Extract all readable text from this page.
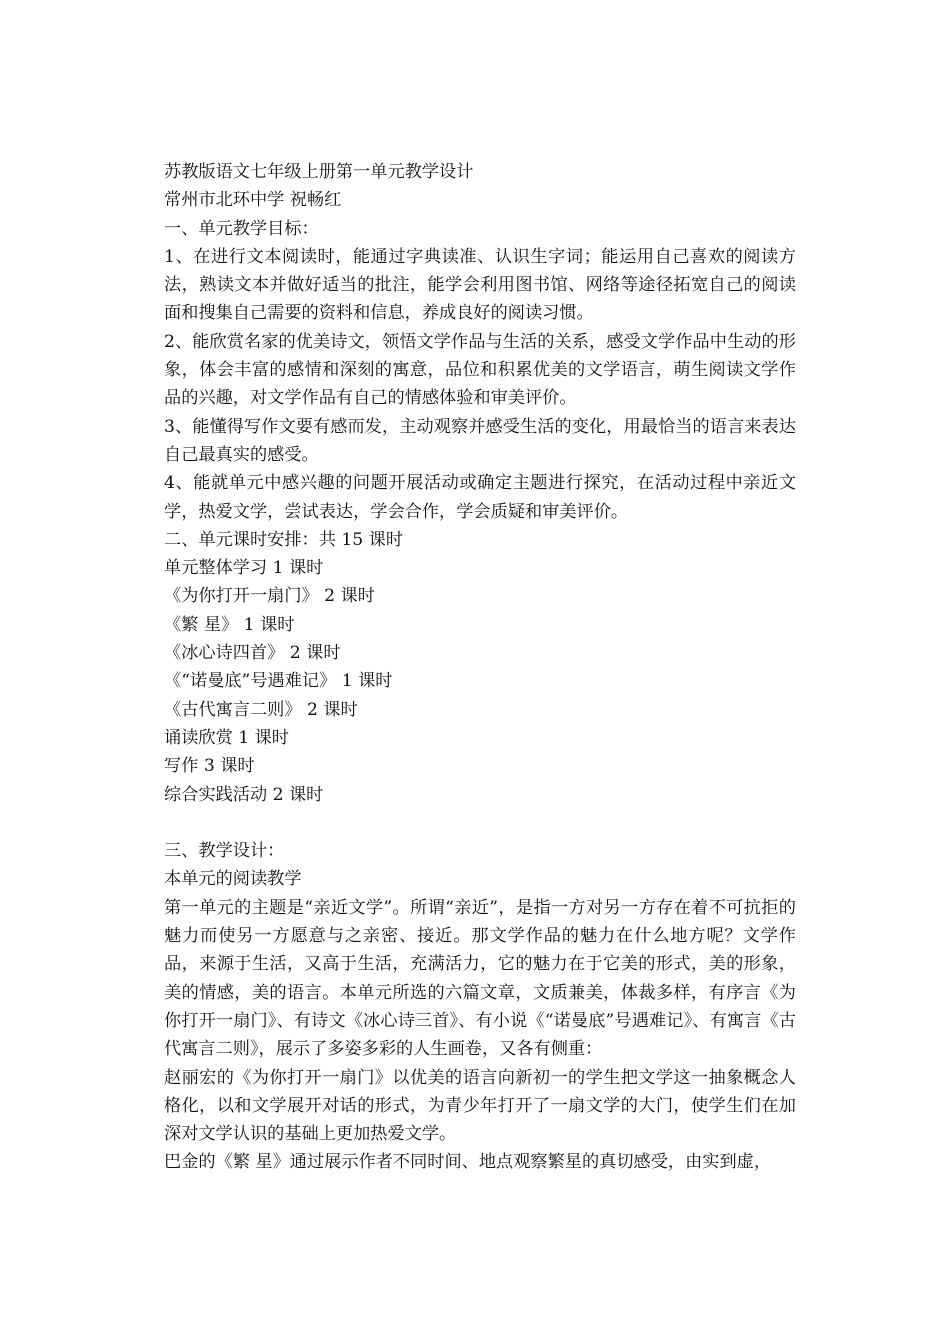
苏教版语文七年级上册第一单元教学设计
常州市北环中学 祝畅红
一、单元教学目标：
1、在进行文本阅读时，能通过字典读准、认识生字词；能运用自己喜欢的阅读方法，熟读文本并做好适当的批注，能学会利用图书馆、网络等途径拓宽自己的阅读面和搜集自己需要的资料和信息，养成良好的阅读习惯。
2、能欣赏名家的优美诗文，领悟文学作品与生活的关系，感受文学作品中生动的形象，体会丰富的感情和深刻的寓意，品位和积累优美的文学语言，萌生阅读文学作品的兴趣，对文学作品有自己的情感体验和审美评价。
3、能懂得写作文要有感而发，主动观察并感受生活的变化，用最恰当的语言来表达自己最真实的感受。
4、能就单元中感兴趣的问题开展活动或确定主题进行探究，在活动过程中亲近文学，热爱文学，尝试表达，学会合作，学会质疑和审美评价。
二、单元课时安排：共 15 课时
单元整体学习 1 课时
《为你打开一扇门》 2 课时
《繁 星》 1 课时
《冰心诗四首》 2 课时
《“诺曼底”号遇难记》 1 课时
《古代寓言二则》 2 课时
诵读欣赏 1 课时
写作 3 课时
综合实践活动 2 课时
三、教学设计：
本单元的阅读教学
第一单元的主题是“亲近文学”。所谓“亲近”，是指一方对另一方存在着不可抗拒的魅力而使另一方愿意与之亲密、接近。那文学作品的魅力在什么地方呢？文学作品，来源于生活，又高于生活，充满活力，它的魅力在于它美的形式，美的形象，美的情感，美的语言。本单元所选的六篇文章，文质兼美，体裁多样，有序言《为你打开一扇门》、有诗文《冰心诗三首》、有小说《“诺曼底”号遇难记》、有寓言《古代寓言二则》，展示了多姿多彩的人生画卷，又各有侧重：
赵丽宏的《为你打开一扇门》以优美的语言向新初一的学生把文学这一抽象概念人格化，以和文学展开对话的形式，为青少年打开了一扇文学的大门，使学生们在加深对文学认识的基础上更加热爱文学。
巴金的《繁 星》通过展示作者不同时间、地点观察繁星的真切感受，由实到虚，
